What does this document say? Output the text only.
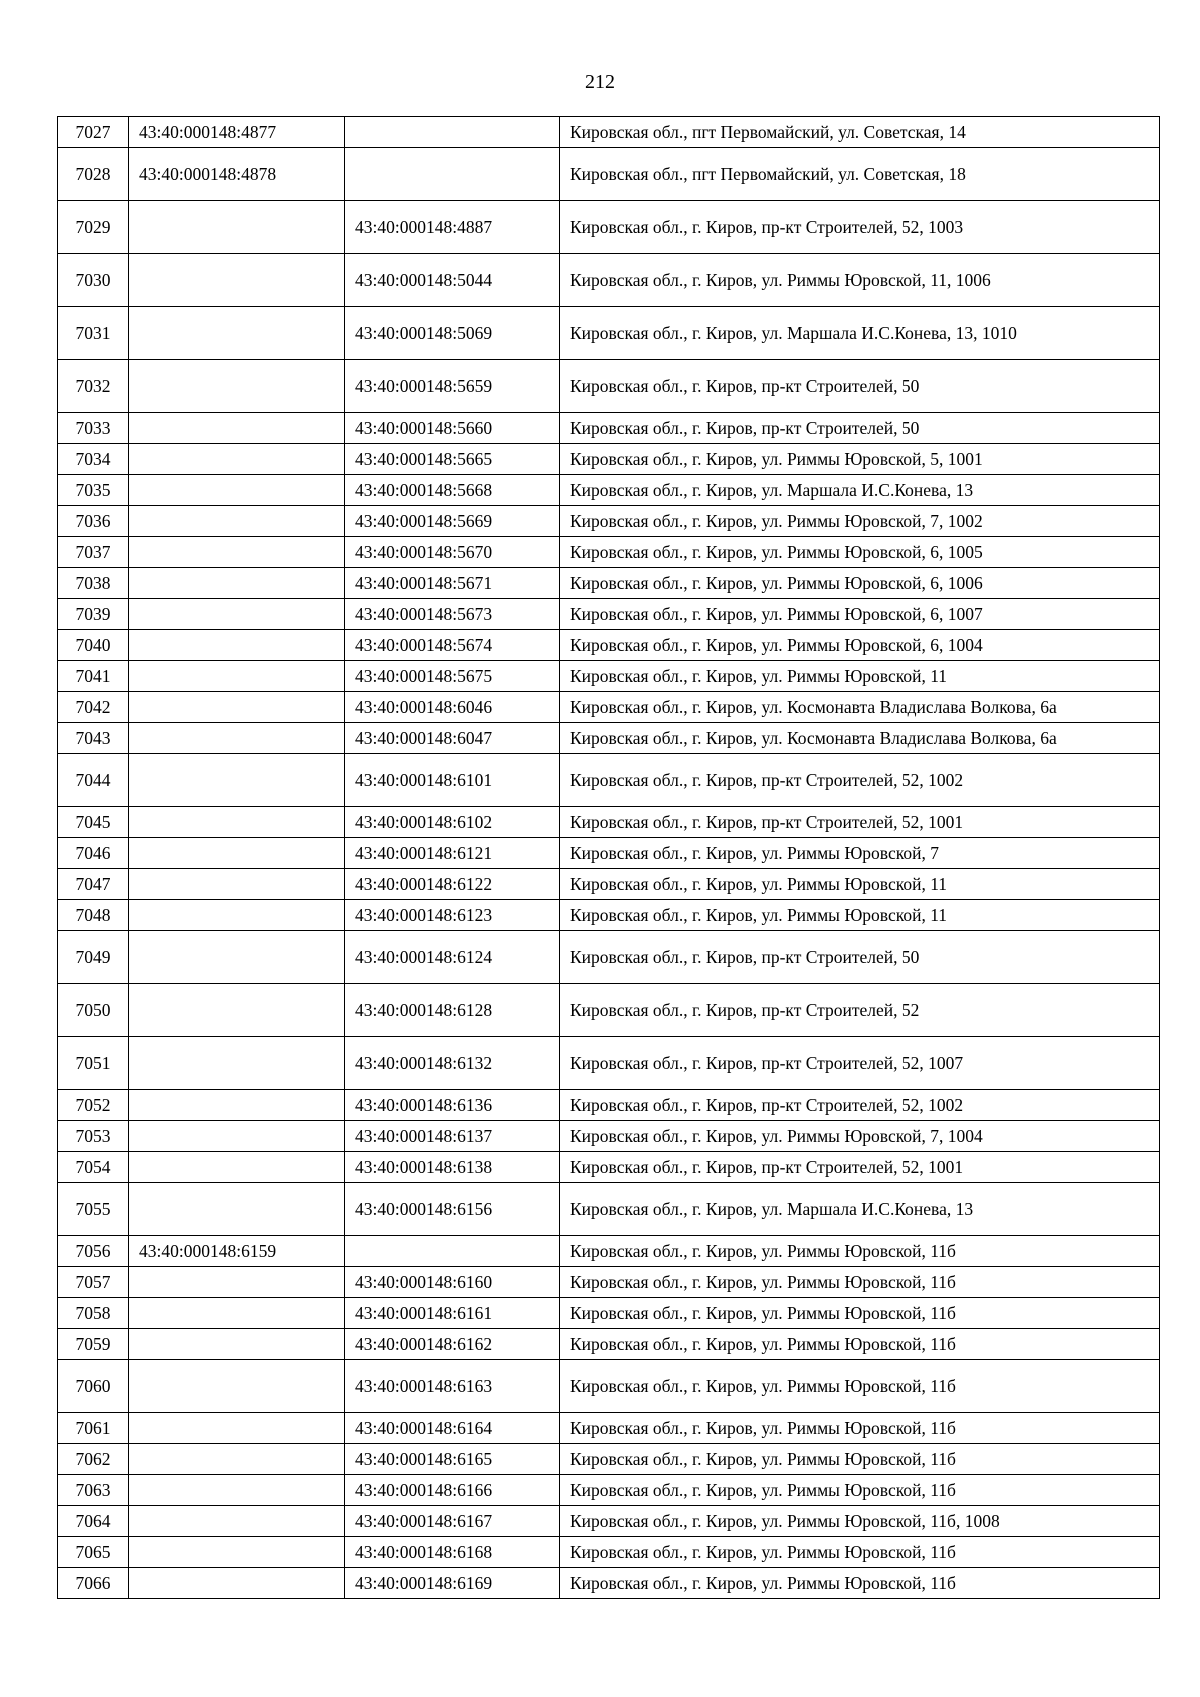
212
7027	43:40:000148:4877		Кировская обл., пгт Первомайский, ул. Советская, 14
7028	43:40:000148:4878		Кировская обл., пгт Первомайский, ул. Советская, 18
7029		43:40:000148:4887	Кировская обл., г. Киров, пр-кт Строителей, 52, 1003
7030		43:40:000148:5044	Кировская обл., г. Киров, ул. Риммы Юровской, 11, 1006
7031		43:40:000148:5069	Кировская обл., г. Киров, ул. Маршала И.С.Конева, 13, 1010
7032		43:40:000148:5659	Кировская обл., г. Киров, пр-кт Строителей, 50
7033		43:40:000148:5660	Кировская обл., г. Киров, пр-кт Строителей, 50
7034		43:40:000148:5665	Кировская обл., г. Киров, ул. Риммы Юровской, 5, 1001
7035		43:40:000148:5668	Кировская обл., г. Киров, ул. Маршала И.С.Конева, 13
7036		43:40:000148:5669	Кировская обл., г. Киров, ул. Риммы Юровской, 7, 1002
7037		43:40:000148:5670	Кировская обл., г. Киров, ул. Риммы Юровской, 6, 1005
7038		43:40:000148:5671	Кировская обл., г. Киров, ул. Риммы Юровской, 6, 1006
7039		43:40:000148:5673	Кировская обл., г. Киров, ул. Риммы Юровской, 6, 1007
7040		43:40:000148:5674	Кировская обл., г. Киров, ул. Риммы Юровской, 6, 1004
7041		43:40:000148:5675	Кировская обл., г. Киров, ул. Риммы Юровской, 11
7042		43:40:000148:6046	Кировская обл., г. Киров, ул. Космонавта Владислава Волкова, 6а
7043		43:40:000148:6047	Кировская обл., г. Киров, ул. Космонавта Владислава Волкова, 6а
7044		43:40:000148:6101	Кировская обл., г. Киров, пр-кт Строителей, 52, 1002
7045		43:40:000148:6102	Кировская обл., г. Киров, пр-кт Строителей, 52, 1001
7046		43:40:000148:6121	Кировская обл., г. Киров, ул. Риммы Юровской, 7
7047		43:40:000148:6122	Кировская обл., г. Киров, ул. Риммы Юровской, 11
7048		43:40:000148:6123	Кировская обл., г. Киров, ул. Риммы Юровской, 11
7049		43:40:000148:6124	Кировская обл., г. Киров, пр-кт Строителей, 50
7050		43:40:000148:6128	Кировская обл., г. Киров, пр-кт Строителей, 52
7051		43:40:000148:6132	Кировская обл., г. Киров, пр-кт Строителей, 52, 1007
7052		43:40:000148:6136	Кировская обл., г. Киров, пр-кт Строителей, 52, 1002
7053		43:40:000148:6137	Кировская обл., г. Киров, ул. Риммы Юровской, 7, 1004
7054		43:40:000148:6138	Кировская обл., г. Киров, пр-кт Строителей, 52, 1001
7055		43:40:000148:6156	Кировская обл., г. Киров, ул. Маршала И.С.Конева, 13
7056	43:40:000148:6159		Кировская обл., г. Киров, ул. Риммы Юровской, 11б
7057		43:40:000148:6160	Кировская обл., г. Киров, ул. Риммы Юровской, 11б
7058		43:40:000148:6161	Кировская обл., г. Киров, ул. Риммы Юровской, 11б
7059		43:40:000148:6162	Кировская обл., г. Киров, ул. Риммы Юровской, 11б
7060		43:40:000148:6163	Кировская обл., г. Киров, ул. Риммы Юровской, 11б
7061		43:40:000148:6164	Кировская обл., г. Киров, ул. Риммы Юровской, 11б
7062		43:40:000148:6165	Кировская обл., г. Киров, ул. Риммы Юровской, 11б
7063		43:40:000148:6166	Кировская обл., г. Киров, ул. Риммы Юровской, 11б
7064		43:40:000148:6167	Кировская обл., г. Киров, ул. Риммы Юровской, 11б, 1008
7065		43:40:000148:6168	Кировская обл., г. Киров, ул. Риммы Юровской, 11б
7066		43:40:000148:6169	Кировская обл., г. Киров, ул. Риммы Юровской, 11б
